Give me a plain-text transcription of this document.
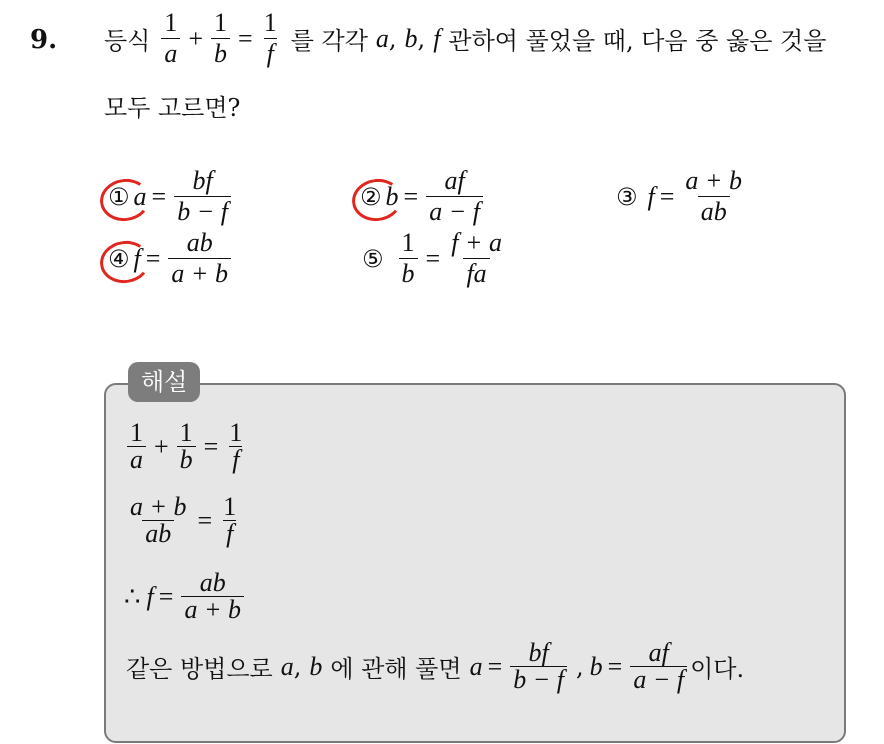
9. 등식 $\frac{1}{a} + \frac{1}{b} = \frac{1}{f}$ 를 각각 a , b , f 관하여 풀었을 때, 다음 중 옳은 것을
모두 고르면?
① $a = \frac{bf}{b - f}$	② $b = \frac{af}{a - f}$	③ $f = \frac{a + b}{ab}$
④ $f = \frac{ab}{a + b}$	⑤ $\frac{1}{b} = \frac{f + a}{fa}$
해설
$\frac{1}{a} + \frac{1}{b} = \frac{1}{f}$
$\frac{a + b}{ab} = \frac{1}{f}$
∴ $f = \frac{ab}{a + b}$
같은 방법으로 a , b 에 관해 풀면 $a = \frac{bf}{b - f}$ , $b = \frac{af}{a - f}$ 이다.
